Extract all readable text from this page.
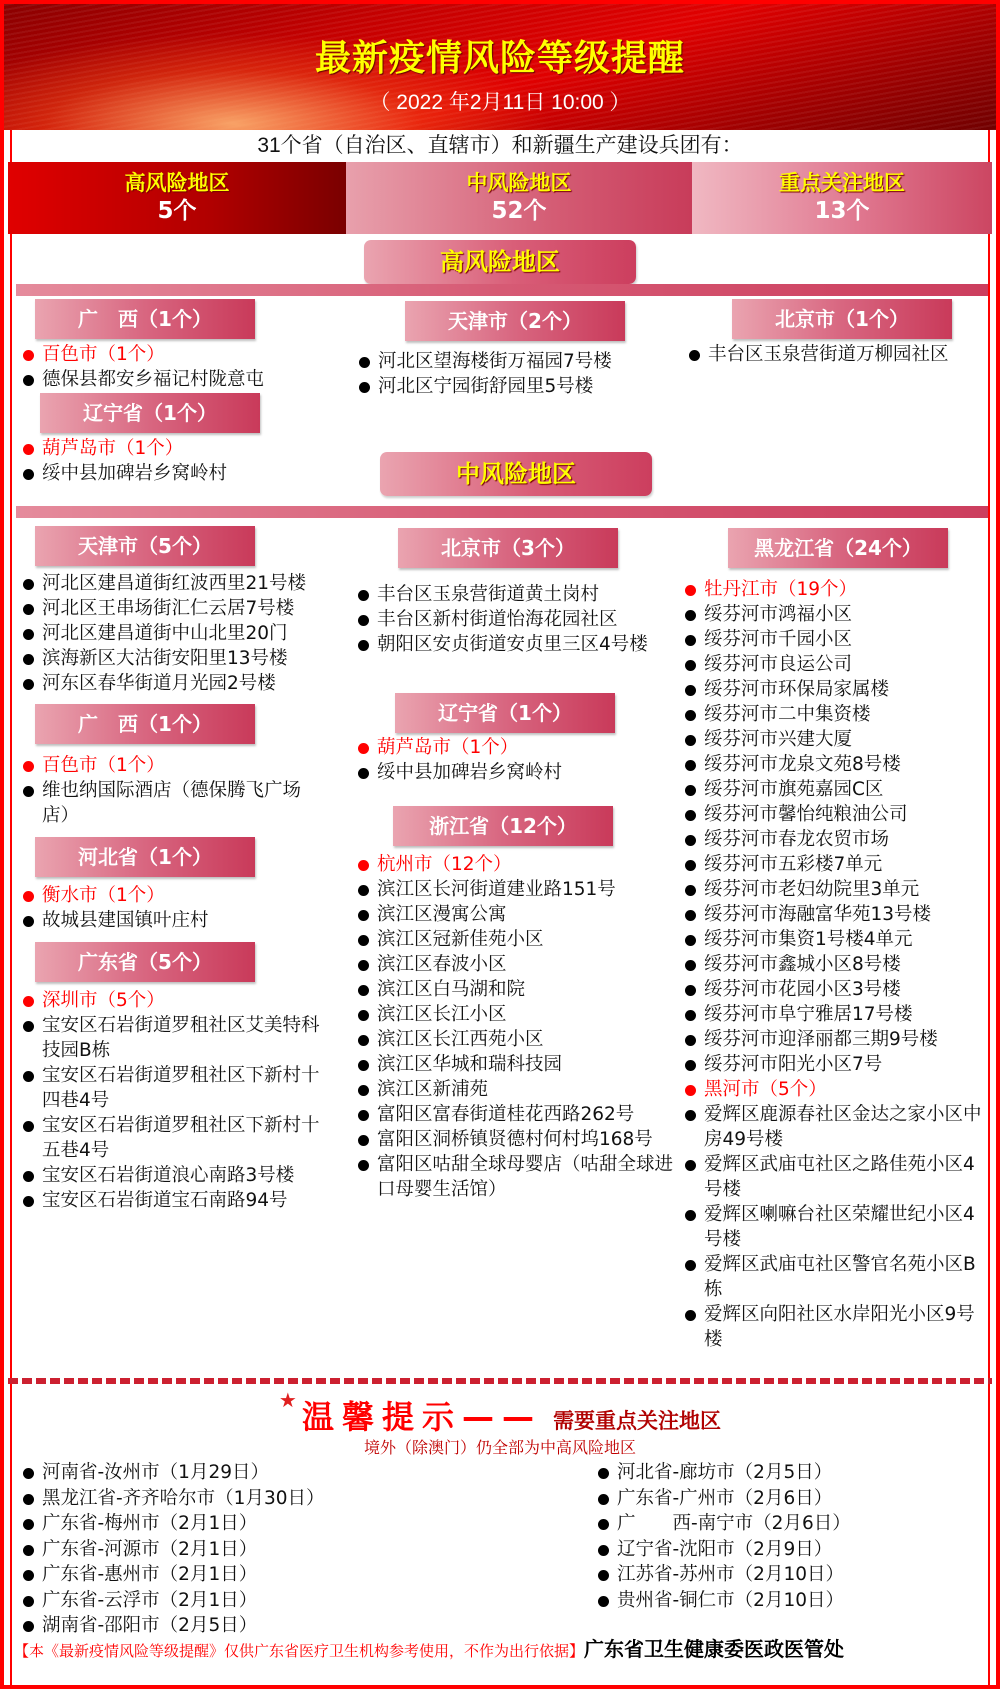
最新疫情风险等级提醒
（ 2022 年2月11日 10:00 ）
31个省（自治区、直辖市）和新疆生产建设兵团有：
高风险地区
5个
中风险地区
52个
重点关注地区
13个
高风险地区
广　西（1个）
百色市（1个）
德保县都安乡福记村陇意屯
天津市（2个）
河北区望海楼街万福园7号楼
河北区宁园街舒园里5号楼
北京市（1个）
丰台区玉泉营街道万柳园社区
辽宁省（1个）
葫芦岛市（1个）
绥中县加碑岩乡窝岭村	中风险地区
天津市（5个）
河北区建昌道街红波西里21号楼
河北区王串场街汇仁云居7号楼
河北区建昌道街中山北里20门
滨海新区大沽街安阳里13号楼
河东区春华街道月光园2号楼
广　西（1个）
百色市（1个）
维也纳国际酒店（德保腾飞广场店）
河北省（1个）
衡水市（1个）
故城县建国镇叶庄村
广东省（5个）
深圳市（5个）
宝安区石岩街道罗租社区艾美特科技园B栋
宝安区石岩街道罗租社区下新村十四巷4号
宝安区石岩街道罗租社区下新村十五巷4号
宝安区石岩街道浪心南路3号楼
宝安区石岩街道宝石南路94号
北京市（3个）
丰台区玉泉营街道黄土岗村
丰台区新村街道怡海花园社区
朝阳区安贞街道安贞里三区4号楼
辽宁省（1个）
葫芦岛市（1个）
绥中县加碑岩乡窝岭村
浙江省（12个）
杭州市（12个）
滨江区长河街道建业路151号
滨江区漫寓公寓
滨江区冠新佳苑小区
滨江区春波小区
滨江区白马湖和院
滨江区长江小区
滨江区长江西苑小区
滨江区华城和瑞科技园
滨江区新浦苑
富阳区富春街道桂花西路262号
富阳区洞桥镇贤德村何村坞168号
富阳区咕甜全球母婴店（咕甜全球进口母婴生活馆）
黑龙江省（24个）
牡丹江市（19个）
绥芬河市鸿福小区
绥芬河市千园小区
绥芬河市良运公司
绥芬河市环保局家属楼
绥芬河市二中集资楼
绥芬河市兴建大厦
绥芬河市龙泉文苑8号楼
绥芬河市旗苑嘉园C区
绥芬河市馨怡纯粮油公司
绥芬河市春龙农贸市场
绥芬河市五彩楼7单元
绥芬河市老妇幼院里3单元
绥芬河市海融富华苑13号楼
绥芬河市集资1号楼4单元
绥芬河市鑫城小区8号楼
绥芬河市花园小区3号楼
绥芬河市阜宁雅居17号楼
绥芬河市迎泽丽都三期9号楼
绥芬河市阳光小区7号
黑河市（5个）
爱辉区鹿源春社区金达之家小区中房49号楼
爱辉区武庙屯社区之路佳苑小区4号楼
爱辉区喇嘛台社区荣耀世纪小区4号楼
爱辉区武庙屯社区警官名苑小区B栋
爱辉区向阳社区水岸阳光小区9号楼
★ 温馨提示—— 需要重点关注地区
境外（除澳门）仍全部为中高风险地区
河南省-汝州市（1月29日）
黑龙江省-齐齐哈尔市（1月30日）
广东省-梅州市（2月1日）
广东省-河源市（2月1日）
广东省-惠州市（2月1日）
广东省-云浮市（2月1日）
湖南省-邵阳市（2月5日）
河北省-廊坊市（2月5日）
广东省-广州市（2月6日）
广　　西-南宁市（2月6日）
辽宁省-沈阳市（2月9日）
江苏省-苏州市（2月10日）
贵州省-铜仁市（2月10日）
【本《最新疫情风险等级提醒》仅供广东省医疗卫生机构参考使用，不作为出行依据】广东省卫生健康委医政医管处
